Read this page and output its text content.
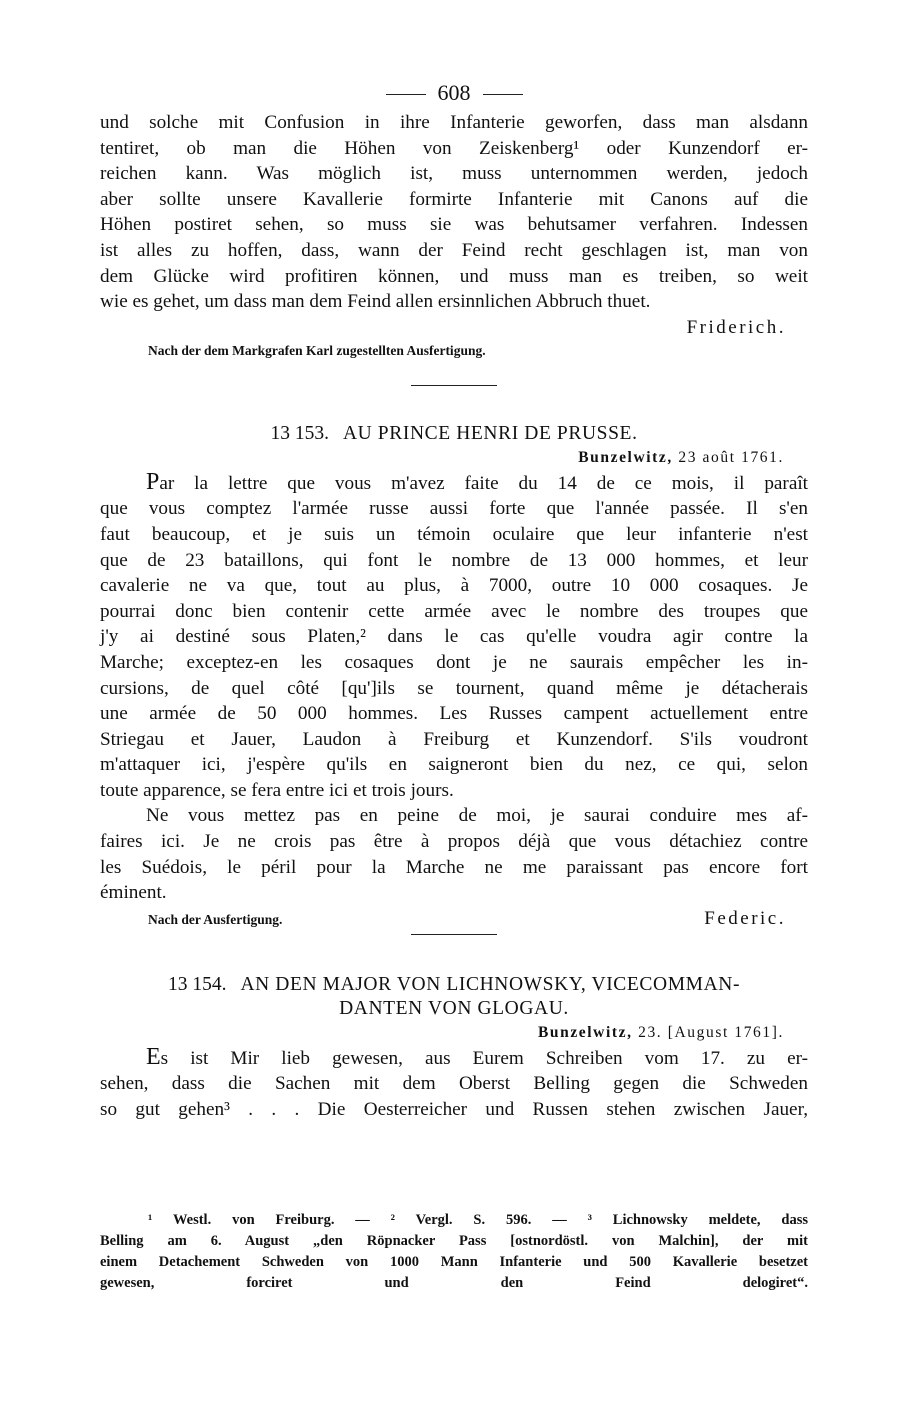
608
und solche mit Confusion in ihre Infanterie geworfen, dass man alsdann
tentiret, ob man die Höhen von Zeiskenberg¹ oder Kunzendorf er-
reichen kann. Was möglich ist, muss unternommen werden, jedoch
aber sollte unsere Kavallerie formirte Infanterie mit Canons auf die
Höhen postiret sehen, so muss sie was behutsamer verfahren. Indessen
ist alles zu hoffen, dass, wann der Feind recht geschlagen ist, man von
dem Glücke wird profitiren können, und muss man es treiben, so weit
wie es gehet, um dass man dem Feind allen ersinnlichen Abbruch thuet.
Friderich.
Nach der dem Markgrafen Karl zugestellten Ausfertigung.
13 153. AU PRINCE HENRI DE PRUSSE.
Bunzelwitz, 23 août 1761.
Par la lettre que vous m'avez faite du 14 de ce mois, il paraît
que vous comptez l'armée russe aussi forte que l'année passée. Il s'en
faut beaucoup, et je suis un témoin oculaire que leur infanterie n'est
que de 23 bataillons, qui font le nombre de 13 000 hommes, et leur
cavalerie ne va que, tout au plus, à 7000, outre 10 000 cosaques. Je
pourrai donc bien contenir cette armée avec le nombre des troupes que
j'y ai destiné sous Platen,² dans le cas qu'elle voudra agir contre la
Marche; exceptez-en les cosaques dont je ne saurais empêcher les in-
cursions, de quel côté [qu']ils se tournent, quand même je détacherais
une armée de 50 000 hommes. Les Russes campent actuellement entre
Striegau et Jauer, Laudon à Freiburg et Kunzendorf. S'ils voudront
m'attaquer ici, j'espère qu'ils en saigneront bien du nez, ce qui, selon
toute apparence, se fera entre ici et trois jours.
Ne vous mettez pas en peine de moi, je saurai conduire mes af-
faires ici. Je ne crois pas être à propos déjà que vous détachiez contre
les Suédois, le péril pour la Marche ne me paraissant pas encore fort
éminent.
Nach der Ausfertigung.	Federic.
13 154. AN DEN MAJOR VON LICHNOWSKY, VICECOMMAN-
DANTEN VON GLOGAU.
Bunzelwitz, 23. [August 1761].
Es ist Mir lieb gewesen, aus Eurem Schreiben vom 17. zu er-
sehen, dass die Sachen mit dem Oberst Belling gegen die Schweden
so gut gehen³ . . . Die Oesterreicher und Russen stehen zwischen Jauer,
¹ Westl. von Freiburg. — ² Vergl. S. 596. — ³ Lichnowsky meldete, dass
Belling am 6. August „den Röpnacker Pass [ostnordöstl. von Malchin], der mit
einem Detachement Schweden von 1000 Mann Infanterie und 500 Kavallerie besetzet
gewesen, forciret und den Feind delogiret“.
